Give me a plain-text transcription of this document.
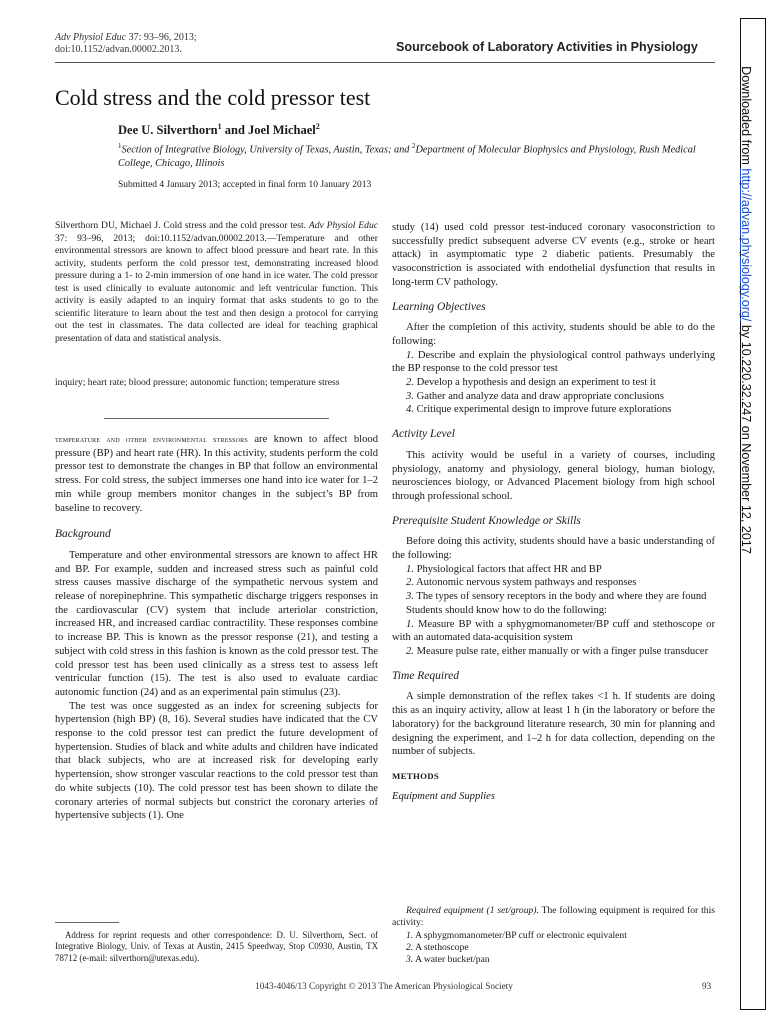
Adv Physiol Educ 37: 93–96, 2013;
doi:10.1152/advan.00002.2013.	Sourcebook of Laboratory Activities in Physiology
Cold stress and the cold pressor test
Dee U. Silverthorn$^1$ and Joel Michael$^2$
$^1$Section of Integrative Biology, University of Texas, Austin, Texas; and $^2$Department of Molecular Biophysics and Physiology, Rush Medical College, Chicago, Illinois
Submitted 4 January 2013; accepted in final form 10 January 2013
Silverthorn DU, Michael J. Cold stress and the cold pressor test. Adv Physiol Educ 37: 93–96, 2013; doi:10.1152/advan.00002.2013.—Temperature and other environmental stressors are known to affect blood pressure and heart rate. In this activity, students perform the cold pressor test, demonstrating increased blood pressure during a 1- to 2-min immersion of one hand in ice water. The cold pressor test is used clinically to evaluate autonomic and left ventricular function. This activity is easily adapted to an inquiry format that asks students to go to the scientific literature to learn about the test and then design a protocol for carrying out the test in classmates. The data collected are ideal for teaching graphical presentation of data and statistical analysis.
inquiry; heart rate; blood pressure; autonomic function; temperature stress

temperature and other environmental stressors are known to affect blood pressure (BP) and heart rate (HR). In this activity, students perform the cold pressor test to demonstrate the changes in BP that follow an environmental stress. For cold stress, the subject immerses one hand into ice water for 1–2 min while group members monitor changes in the subject’s BP from baseline to recovery.

Background

Temperature and other environmental stressors are known to affect HR and BP. For example, sudden and increased stress such as painful cold stress causes massive discharge of the sympathetic nervous system and release of norepinephrine. This sympathetic discharge triggers responses in the cardiovascular (CV) system that include arteriolar constriction, increased HR, and increased cardiac contractility. These responses combine to increase BP. This is known as the pressor response (21), and testing a subject with cold stress in this fashion is known as the cold pressor test. The cold pressor test has been used clinically as a stress test to assess left ventricular function (15). The test is also used to evaluate cardiac autonomic function (24) and as an experimental pain stimulus (23).

The test was once suggested as an index for screening subjects for hypertension (high BP) (8, 16). Several studies have indicated that the CV response to the cold pressor test can predict the future development of hypertension. Studies of black and white adults and children have indicated that black subjects, who are at increased risk for developing early hypertension, show stronger vascular reactions to the cold pressor test than do white subjects (10). The cold pressor test has been shown to dilate the coronary arteries of normal subjects but constrict the coronary arteries of hypertensive subjects (1). One

study (14) used cold pressor test-induced coronary vasoconstriction to successfully predict subsequent adverse CV events (e.g., stroke or heart attack) in asymptomatic type 2 diabetic patients. Presumably the vasoconstriction is associated with endothelial dysfunction that results in long-term CV pathology.

Learning Objectives

After the completion of this activity, students should be able to do the following:

1. Describe and explain the physiological control pathways underlying the BP response to the cold pressor test

2. Develop a hypothesis and design an experiment to test it

3. Gather and analyze data and draw appropriate conclusions

4. Critique experimental design to improve future explorations

Activity Level

This activity would be useful in a variety of courses, including physiology, anatomy and physiology, general biology, human biology, neurosciences biology, or Advanced Placement biology from high school through professional school.

Prerequisite Student Knowledge or Skills

Before doing this activity, students should have a basic understanding of the following:

1. Physiological factors that affect HR and BP

2. Autonomic nervous system pathways and responses

3. The types of sensory receptors in the body and where they are found

Students should know how to do the following:

1. Measure BP with a sphygmomanometer/BP cuff and stethoscope or with an automated data-acquisition system

2. Measure pulse rate, either manually or with a finger pulse transducer

Time Required

A simple demonstration of the reflex takes <1 h. If students are doing this as an inquiry activity, allow at least 1 h (in the laboratory or before the laboratory) for the background literature research, 30 min for planning and designing the experiment, and 1–2 h for data collection, depending on the number of subjects.

METHODS
Equipment and Supplies

Required equipment (1 set/group). The following equipment is required for this activity:

1. A sphygmomanometer/BP cuff or electronic equivalent

2. A stethoscope

3. A water bucket/pan

Address for reprint requests and other correspondence: D. U. Silverthorn, Sect. of Integrative Biology, Univ. of Texas at Austin, 2415 Speedway, Stop C0930, Austin, TX 78712 (e-mail: silverthorn@utexas.edu).
1043-4046/13 Copyright © 2013 The American Physiological Society	93
Downloaded from http://advan.physiology.org/ by 10.220.32.247 on November 12, 2017
